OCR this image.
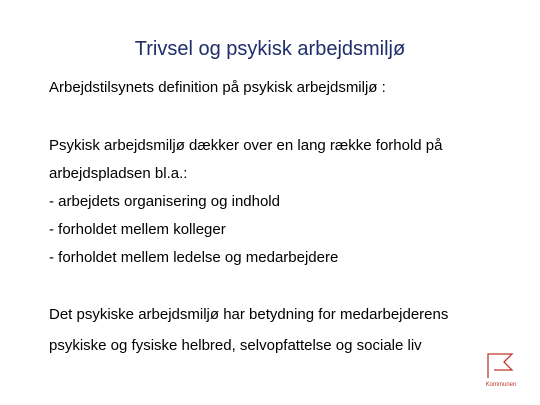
Trivsel og psykisk arbejdsmiljø
Arbejdstilsynets definition på psykisk arbejdsmiljø :
Psykisk arbejdsmiljø dækker over en lang række forhold på
arbejdspladsen bl.a.:
- arbejdets organisering og indhold
- forholdet mellem kolleger
- forholdet mellem ledelse og medarbejdere
Det psykiske arbejdsmiljø har betydning for medarbejderens
psykiske og fysiske helbred, selvopfattelse og sociale liv
Kommunen
